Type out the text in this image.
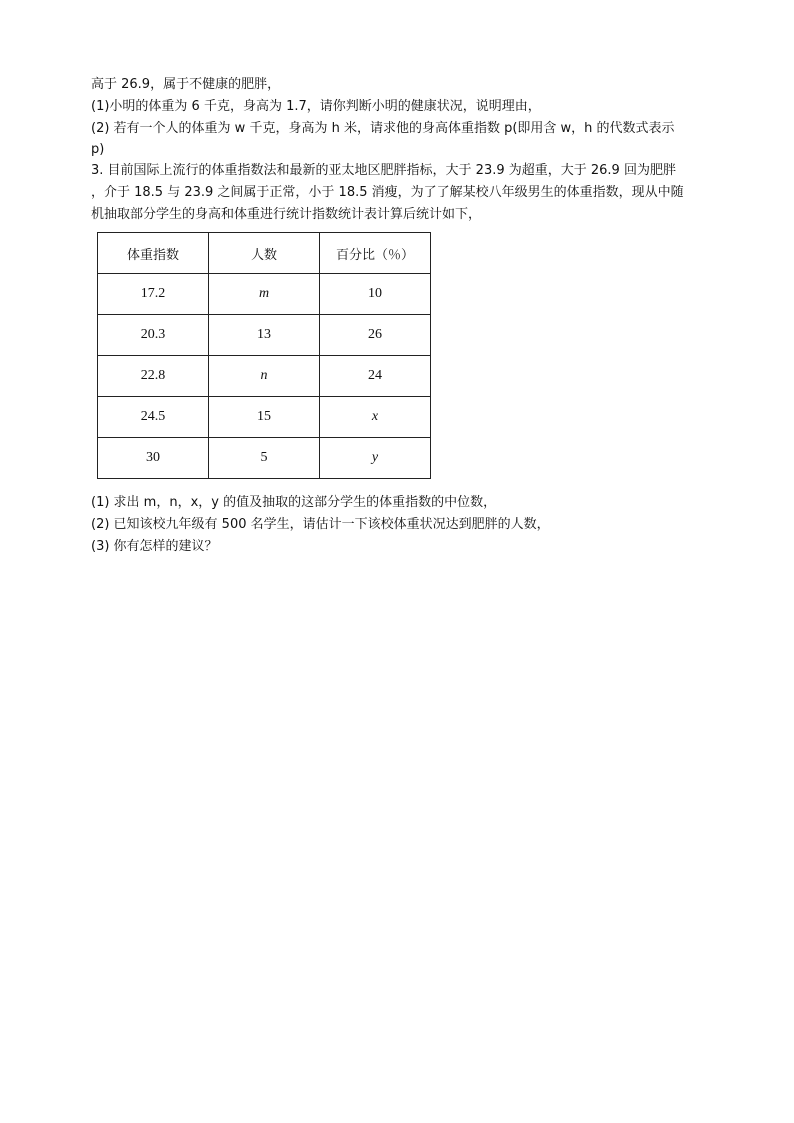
高于 26.9，属于不健康的肥胖，
(1)小明的体重为 6 千克，身高为 1.7，请你判断小明的健康状况，说明理由，
(2) 若有一个人的体重为 w 千克，身高为 h 米，请求他的身高体重指数 p(即用含 w，h 的代数式表示
p)
3. 目前国际上流行的体重指数法和最新的亚太地区肥胖指标，大于 23.9 为超重，大于 26.9 回为肥胖
，介于 18.5 与 23.9 之间属于正常，小于 18.5 消瘦，为了了解某校八年级男生的体重指数，现从中随
机抽取部分学生的身高和体重进行统计指数统计表计算后统计如下，
体重指数	人数	百分比（％）
17.2	m	10
20.3	13	26
22.8	n	24
24.5	15	x
30	5	y
(1) 求出 m，n，x，y 的值及抽取的这部分学生的体重指数的中位数，
(2) 已知该校九年级有 500 名学生，请估计一下该校体重状况达到肥胖的人数，
(3) 你有怎样的建议？
